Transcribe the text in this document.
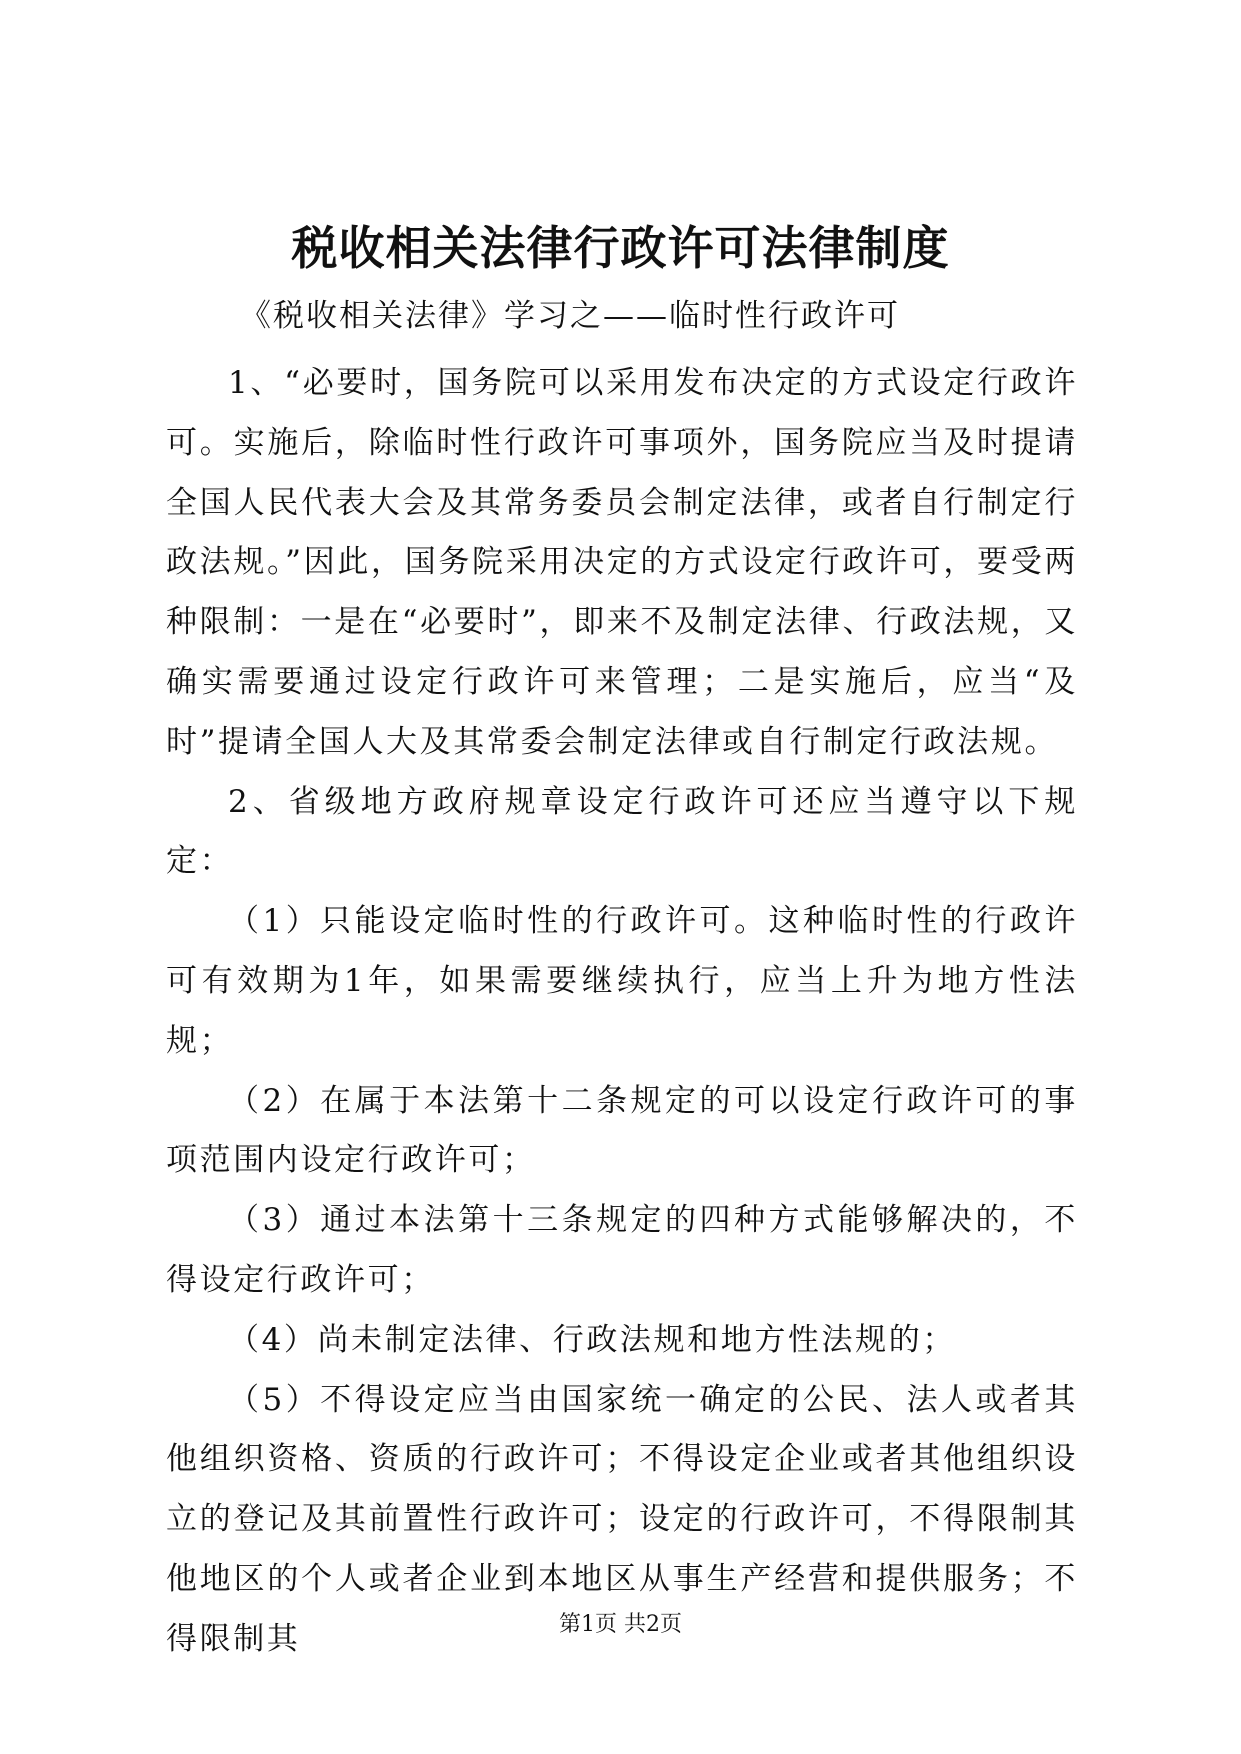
税收相关法律行政许可法律制度
《税收相关法律》学习之——临时性行政许可

1、“必要时，国务院可以采用发布决定的方式设定行政许可。实施后，除临时性行政许可事项外，国务院应当及时提请全国人民代表大会及其常务委员会制定法律，或者自行制定行政法规。”因此，国务院采用决定的方式设定行政许可，要受两种限制：一是在“必要时”，即来不及制定法律、行政法规，又确实需要通过设定行政许可来管理；二是实施后，应当“及时”提请全国人大及其常委会制定法律或自行制定行政法规。

2、省级地方政府规章设定行政许可还应当遵守以下规定：

（1）只能设定临时性的行政许可。这种临时性的行政许可有效期为1年，如果需要继续执行，应当上升为地方性法规；

（2）在属于本法第十二条规定的可以设定行政许可的事项范围内设定行政许可；

（3）通过本法第十三条规定的四种方式能够解决的，不得设定行政许可；

（4）尚未制定法律、行政法规和地方性法规的；

（5）不得设定应当由国家统一确定的公民、法人或者其他组织资格、资质的行政许可；不得设定企业或者其他组织设立的登记及其前置性行政许可；设定的行政许可，不得限制其他地区的个人或者企业到本地区从事生产经营和提供服务；不得限制其	第1页 共2页
